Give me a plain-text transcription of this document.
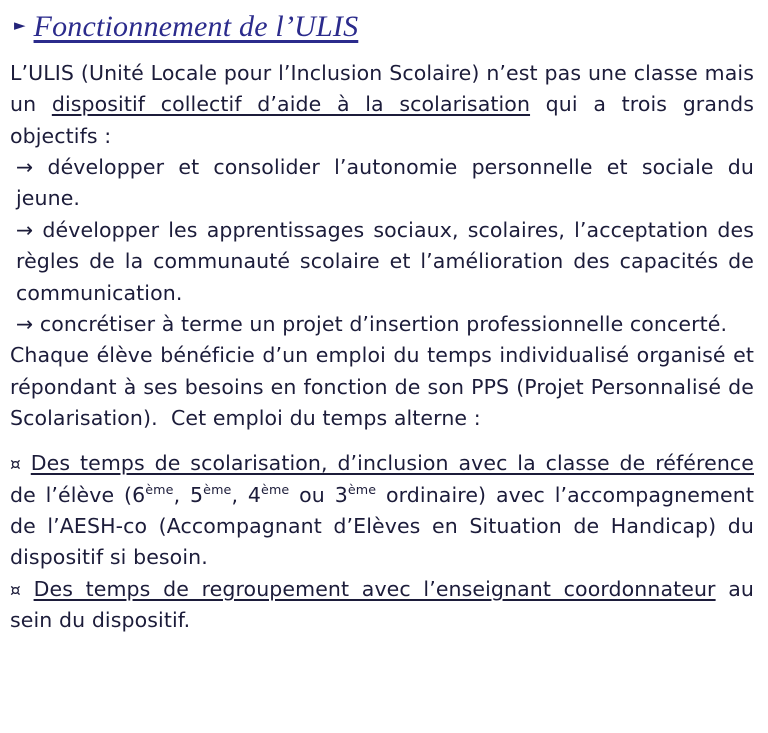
► Fonctionnement de l’ULIS

L’ULIS (Unité Locale pour l’Inclusion Scolaire) n’est pas une classe mais un dispositif collectif d’aide à la scolarisation qui a trois grands objectifs :

→ développer et consolider l’autonomie personnelle et sociale du jeune.

→ développer les apprentissages sociaux, scolaires, l’acceptation des règles de la communauté scolaire et l’amélioration des capacités de communication.

→ concrétiser à terme un projet d’insertion professionnelle concerté.

Chaque élève bénéficie d’un emploi du temps individualisé organisé et répondant à ses besoins en fonction de son PPS (Projet Personnalisé de Scolarisation).  Cet emploi du temps alterne :

¤ Des temps de scolarisation, d’inclusion avec la classe de référence de l’élève (6ème, 5ème, 4ème ou 3ème ordinaire) avec l’accompagnement de l’AESH-co (Accompagnant d’Elèves en Situation de Handicap) du dispositif si besoin.

¤ Des temps de regroupement avec l’enseignant coordonnateur au sein du dispositif.
